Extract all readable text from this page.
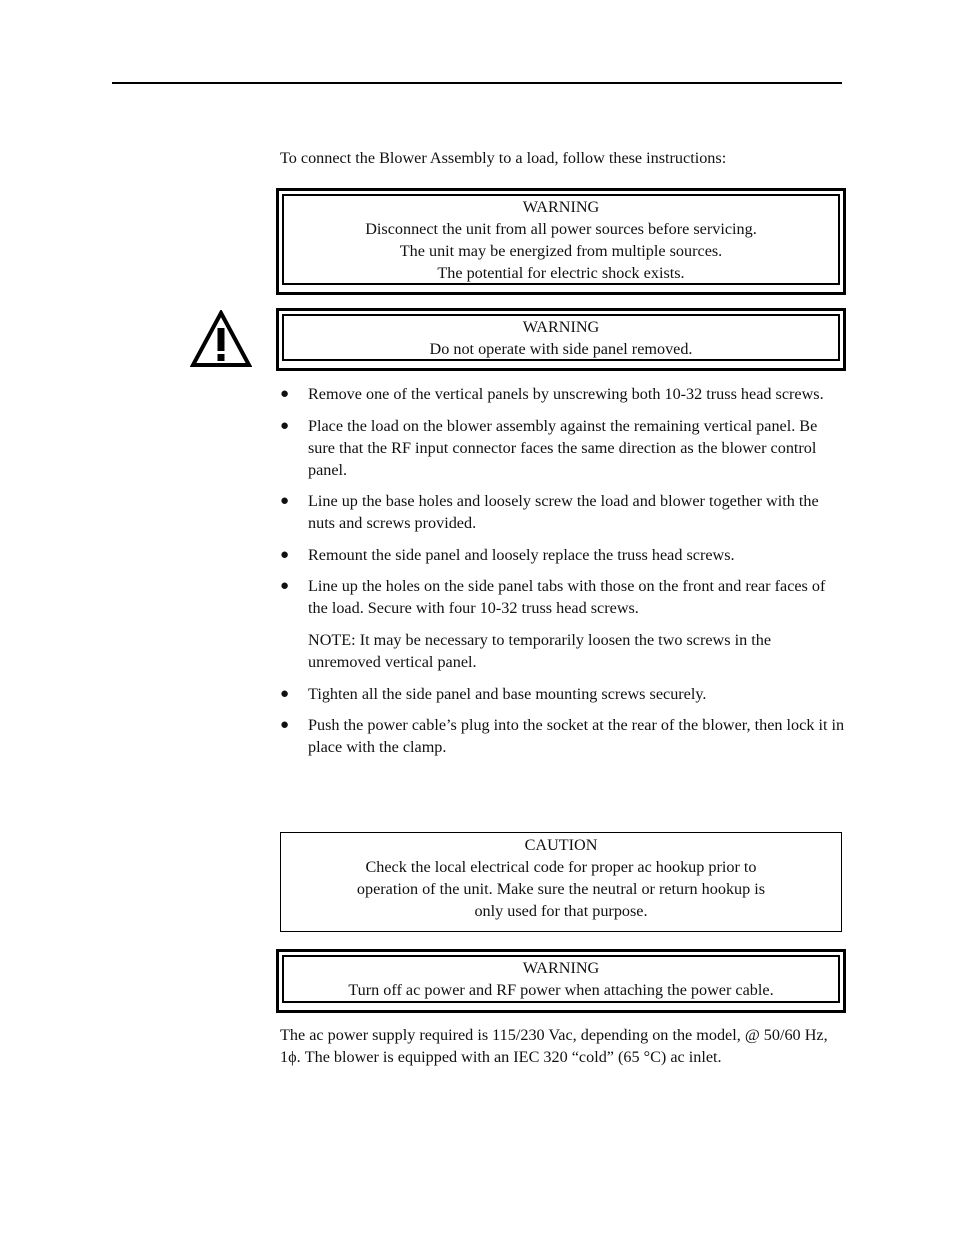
To connect the Blower Assembly to a load, follow these instructions:

WARNING
Disconnect the unit from all power sources before servicing.
The unit may be energized from multiple sources.
The potential for electric shock exists.
WARNING
Do not operate with side panel removed.
● Remove one of the vertical panels by unscrewing both 10-32 truss head screws.
● Place the load on the blower assembly against the remaining vertical panel. Be sure that the RF input connector faces the same direction as the blower control panel.
● Line up the base holes and loosely screw the load and blower together with the nuts and screws provided.
● Remount the side panel and loosely replace the truss head screws.
● Line up the holes on the side panel tabs with those on the front and rear faces of the load. Secure with four 10-32 truss head screws.

NOTE: It may be necessary to temporarily loosen the two screws in the unremoved vertical panel.

● Tighten all the side panel and base mounting screws securely.
● Push the power cable’s plug into the socket at the rear of the blower, then lock it in place with the clamp.
CAUTION
Check the local electrical code for proper ac hookup prior to
operation of the unit. Make sure the neutral or return hookup is
only used for that purpose.
WARNING
Turn off ac power and RF power when attaching the power cable.

The ac power supply required is 115/230 Vac, depending on the model, @ 50/60 Hz, 1ϕ. The blower is equipped with an IEC 320 “cold” (65 °C) ac inlet.
